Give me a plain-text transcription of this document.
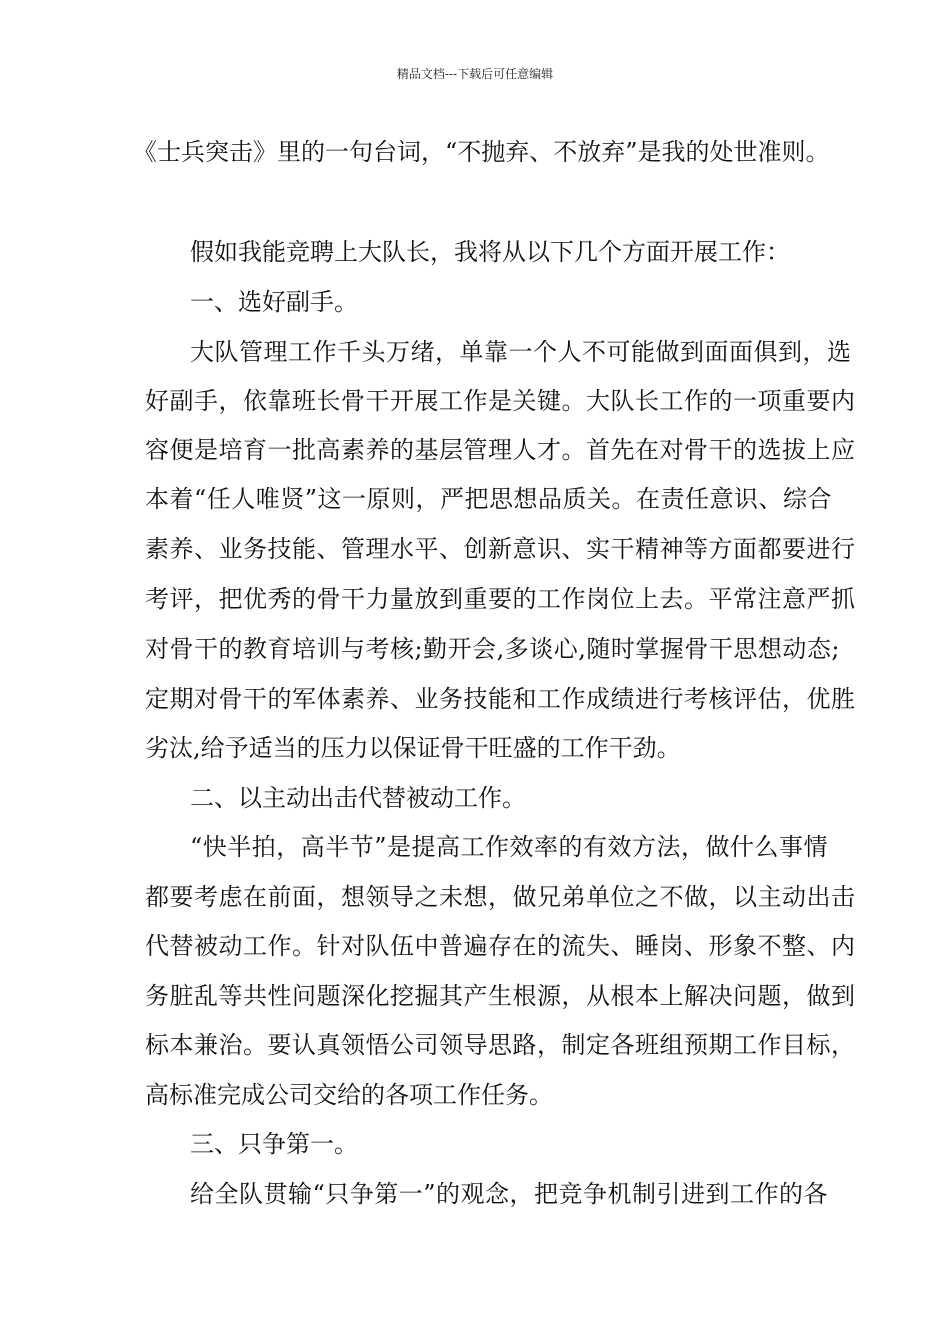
精品文档---下载后可任意编辑
《士兵突击》里的一句台词，“不抛弃、不放弃”是我的处世准则。
假如我能竞聘上大队长，我将从以下几个方面开展工作：
一、选好副手。
大队管理工作千头万绪，单靠一个人不可能做到面面俱到，选
好副手，依靠班长骨干开展工作是关键。大队长工作的一项重要内
容便是培育一批高素养的基层管理人才。首先在对骨干的选拔上应
本着“任人唯贤”这一原则，严把思想品质关。在责任意识、综合
素养、业务技能、管理水平、创新意识、实干精神等方面都要进行
考评，把优秀的骨干力量放到重要的工作岗位上去。平常注意严抓
对骨干的教育培训与考核;勤开会,多谈心,随时掌握骨干思想动态;
定期对骨干的军体素养、业务技能和工作成绩进行考核评估，优胜
劣汰,给予适当的压力以保证骨干旺盛的工作干劲。
二、以主动出击代替被动工作。
“快半拍，高半节”是提高工作效率的有效方法，做什么事情
都要考虑在前面，想领导之未想，做兄弟单位之不做，以主动出击
代替被动工作。针对队伍中普遍存在的流失、睡岗、形象不整、内
务脏乱等共性问题深化挖掘其产生根源，从根本上解决问题，做到
标本兼治。要认真领悟公司领导思路，制定各班组预期工作目标，
高标准完成公司交给的各项工作任务。
三、只争第一。
给全队贯输“只争第一”的观念，把竞争机制引进到工作的各
